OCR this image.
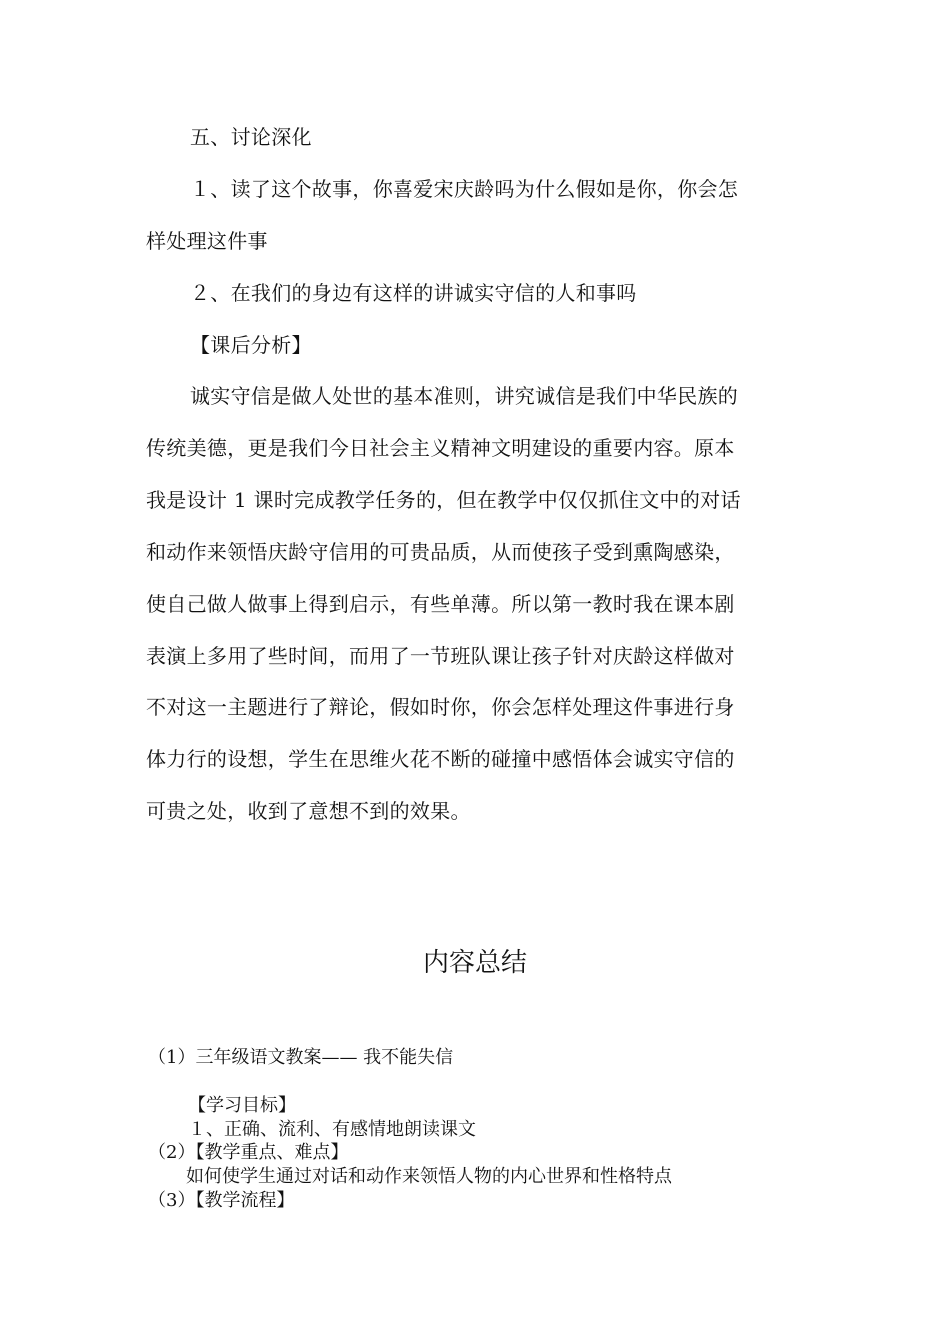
五、讨论深化
１、读了这个故事，你喜爱宋庆龄吗为什么假如是你，你会怎
样处理这件事
２、在我们的身边有这样的讲诚实守信的人和事吗
【课后分析】
诚实守信是做人处世的基本准则，讲究诚信是我们中华民族的
传统美德，更是我们今日社会主义精神文明建设的重要内容。原本
我是设计 1 课时完成教学任务的，但在教学中仅仅抓住文中的对话
和动作来领悟庆龄守信用的可贵品质，从而使孩子受到熏陶感染，
使自己做人做事上得到启示，有些单薄。所以第一教时我在课本剧
表演上多用了些时间，而用了一节班队课让孩子针对庆龄这样做对
不对这一主题进行了辩论，假如时你，你会怎样处理这件事进行身
体力行的设想，学生在思维火花不断的碰撞中感悟体会诚实守信的
可贵之处，收到了意想不到的效果。
内容总结
（1）三年级语文教案—— 我不能失信
【学习目标】
１、正确、流利、有感情地朗读课文
（2）【教学重点、难点】
如何使学生通过对话和动作来领悟人物的内心世界和性格特点
（3）【教学流程】
